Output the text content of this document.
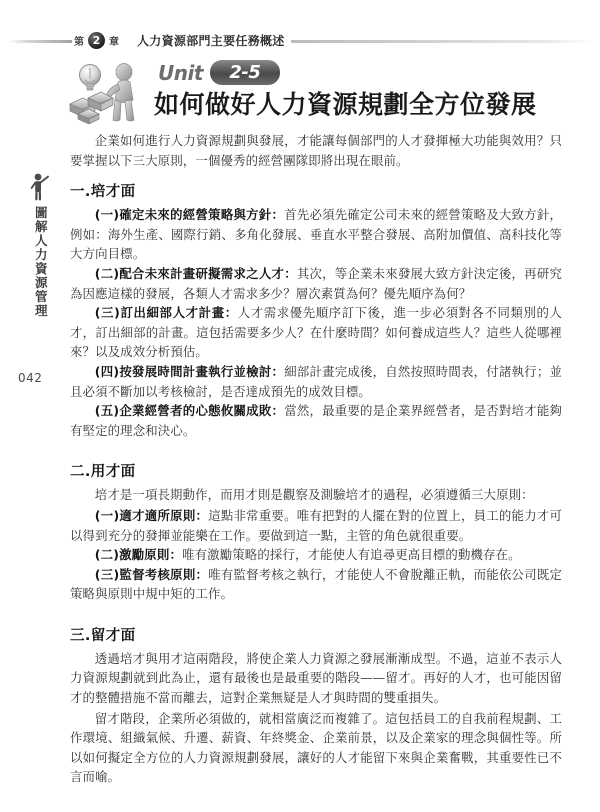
第 2 章 人力資源部門主要任務概述
Unit	2-5
如何做好人力資源規劃全方位發展
圖解人力資源管理
042

企業如何進行人力資源規劃與發展，才能讓每個部門的人才發揮極大功能與效用？只要掌握以下三大原則，一個優秀的經營團隊即將出現在眼前。

一.培才面

(一)確定未來的經營策略與方針：首先必須先確定公司未來的經營策略及大致方針，例如：海外生產、國際行銷、多角化發展、垂直水平整合發展、高附加價值、高科技化等大方向目標。

(二)配合未來計畫研擬需求之人才：其次，等企業未來發展大致方針決定後，再研究為因應這樣的發展，各類人才需求多少？層次素質為何？優先順序為何？

(三)訂出細部人才計畫：人才需求優先順序訂下後，進一步必須對各不同類別的人才，訂出細部的計畫。這包括需要多少人？在什麼時間？如何養成這些人？這些人從哪裡來？以及成效分析預估。

(四)按發展時間計畫執行並檢討：細部計畫完成後，自然按照時間表，付諸執行；並且必須不斷加以考核檢討，是否達成預先的成效目標。

(五)企業經營者的心態攸關成敗：當然，最重要的是企業界經營者，是否對培才能夠有堅定的理念和決心。

二.用才面

培才是一項長期動作，而用才則是觀察及測驗培才的過程，必須遵循三大原則：

(一)適才適所原則：這點非常重要。唯有把對的人擺在對的位置上，員工的能力才可以得到充分的發揮並能樂在工作。要做到這一點，主管的角色就很重要。

(二)激勵原則：唯有激勵策略的採行，才能使人有追尋更高目標的動機存在。

(三)監督考核原則：唯有監督考核之執行，才能使人不會脫離正軌，而能依公司既定策略與原則中規中矩的工作。

三.留才面

透過培才與用才這兩階段，將使企業人力資源之發展漸漸成型。不過，這並不表示人力資源規劃就到此為止，還有最後也是最重要的階段——留才。再好的人才，也可能因留才的整體措施不當而離去，這對企業無疑是人才與時間的雙重損失。

留才階段，企業所必須做的，就相當廣泛而複雜了。這包括員工的自我前程規劃、工作環境、組織氣候、升遷、薪資、年終獎金、企業前景，以及企業家的理念與個性等。所以如何擬定全方位的人力資源規劃發展，讓好的人才能留下來與企業奮戰，其重要性已不言而喻。
